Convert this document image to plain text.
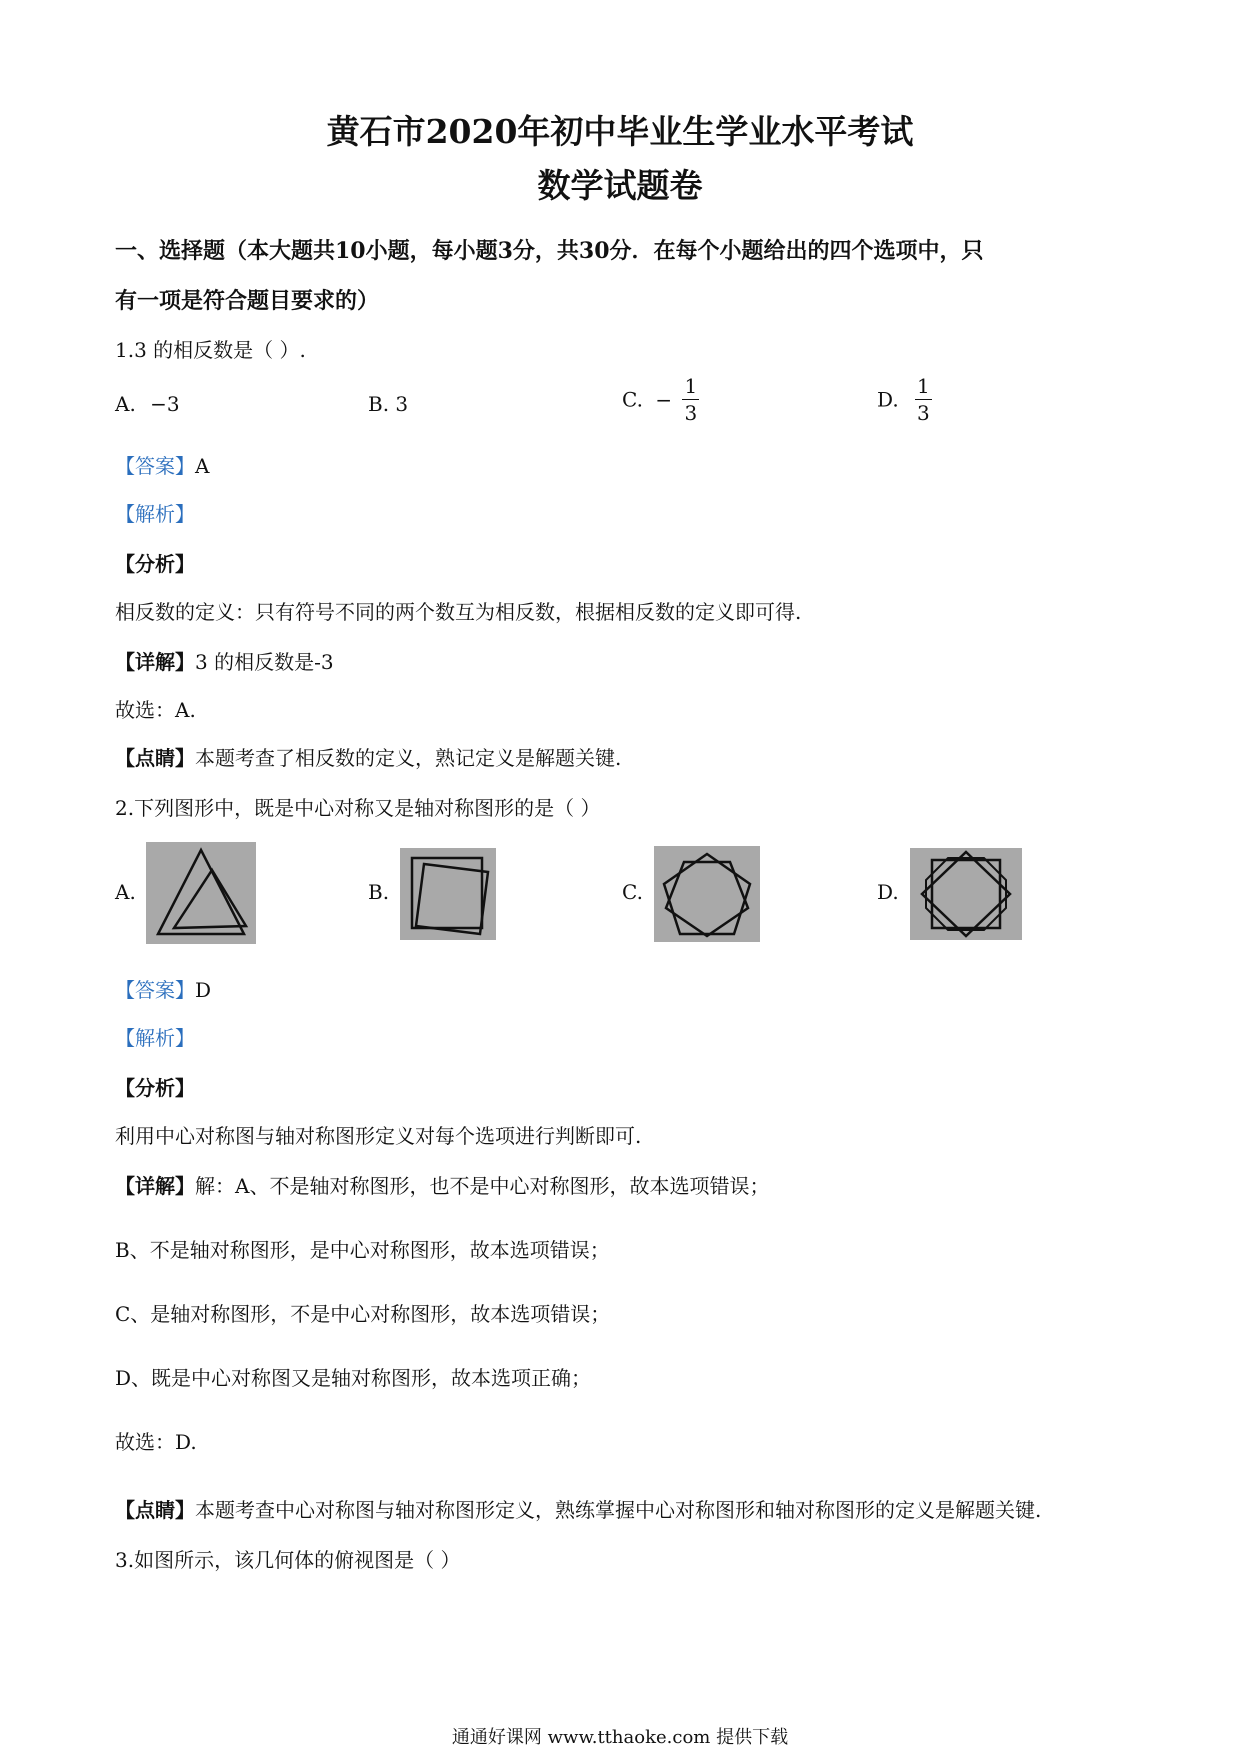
黄石市2020年初中毕业生学业水平考试
数学试题卷
一、选择题（本大题共10小题，每小题3分，共30分．在每个小题给出的四个选项中，只
有一项是符合题目要求的）
1.3 的相反数是（ ）.
A. −3	B. 3	C. − $\frac{1}{3}$	D. $\frac{1}{3}$
【答案】A
【解析】
【分析】
相反数的定义：只有符号不同的两个数互为相反数，根据相反数的定义即可得.
【详解】3 的相反数是-3
故选：A.
【点睛】本题考查了相反数的定义，熟记定义是解题关键.
2.下列图形中，既是中心对称又是轴对称图形的是（ ）
A.	B.	C.	D.
【答案】D
【解析】
【分析】
利用中心对称图与轴对称图形定义对每个选项进行判断即可.
【详解】解：A、不是轴对称图形，也不是中心对称图形，故本选项错误；
B、不是轴对称图形，是中心对称图形，故本选项错误；
C、是轴对称图形，不是中心对称图形，故本选项错误；
D、既是中心对称图又是轴对称图形，故本选项正确；
故选：D.
【点睛】本题考查中心对称图与轴对称图形定义，熟练掌握中心对称图形和轴对称图形的定义是解题关键.
3.如图所示，该几何体的俯视图是（ ）
通通好课网 www.tthaoke.com 提供下载
